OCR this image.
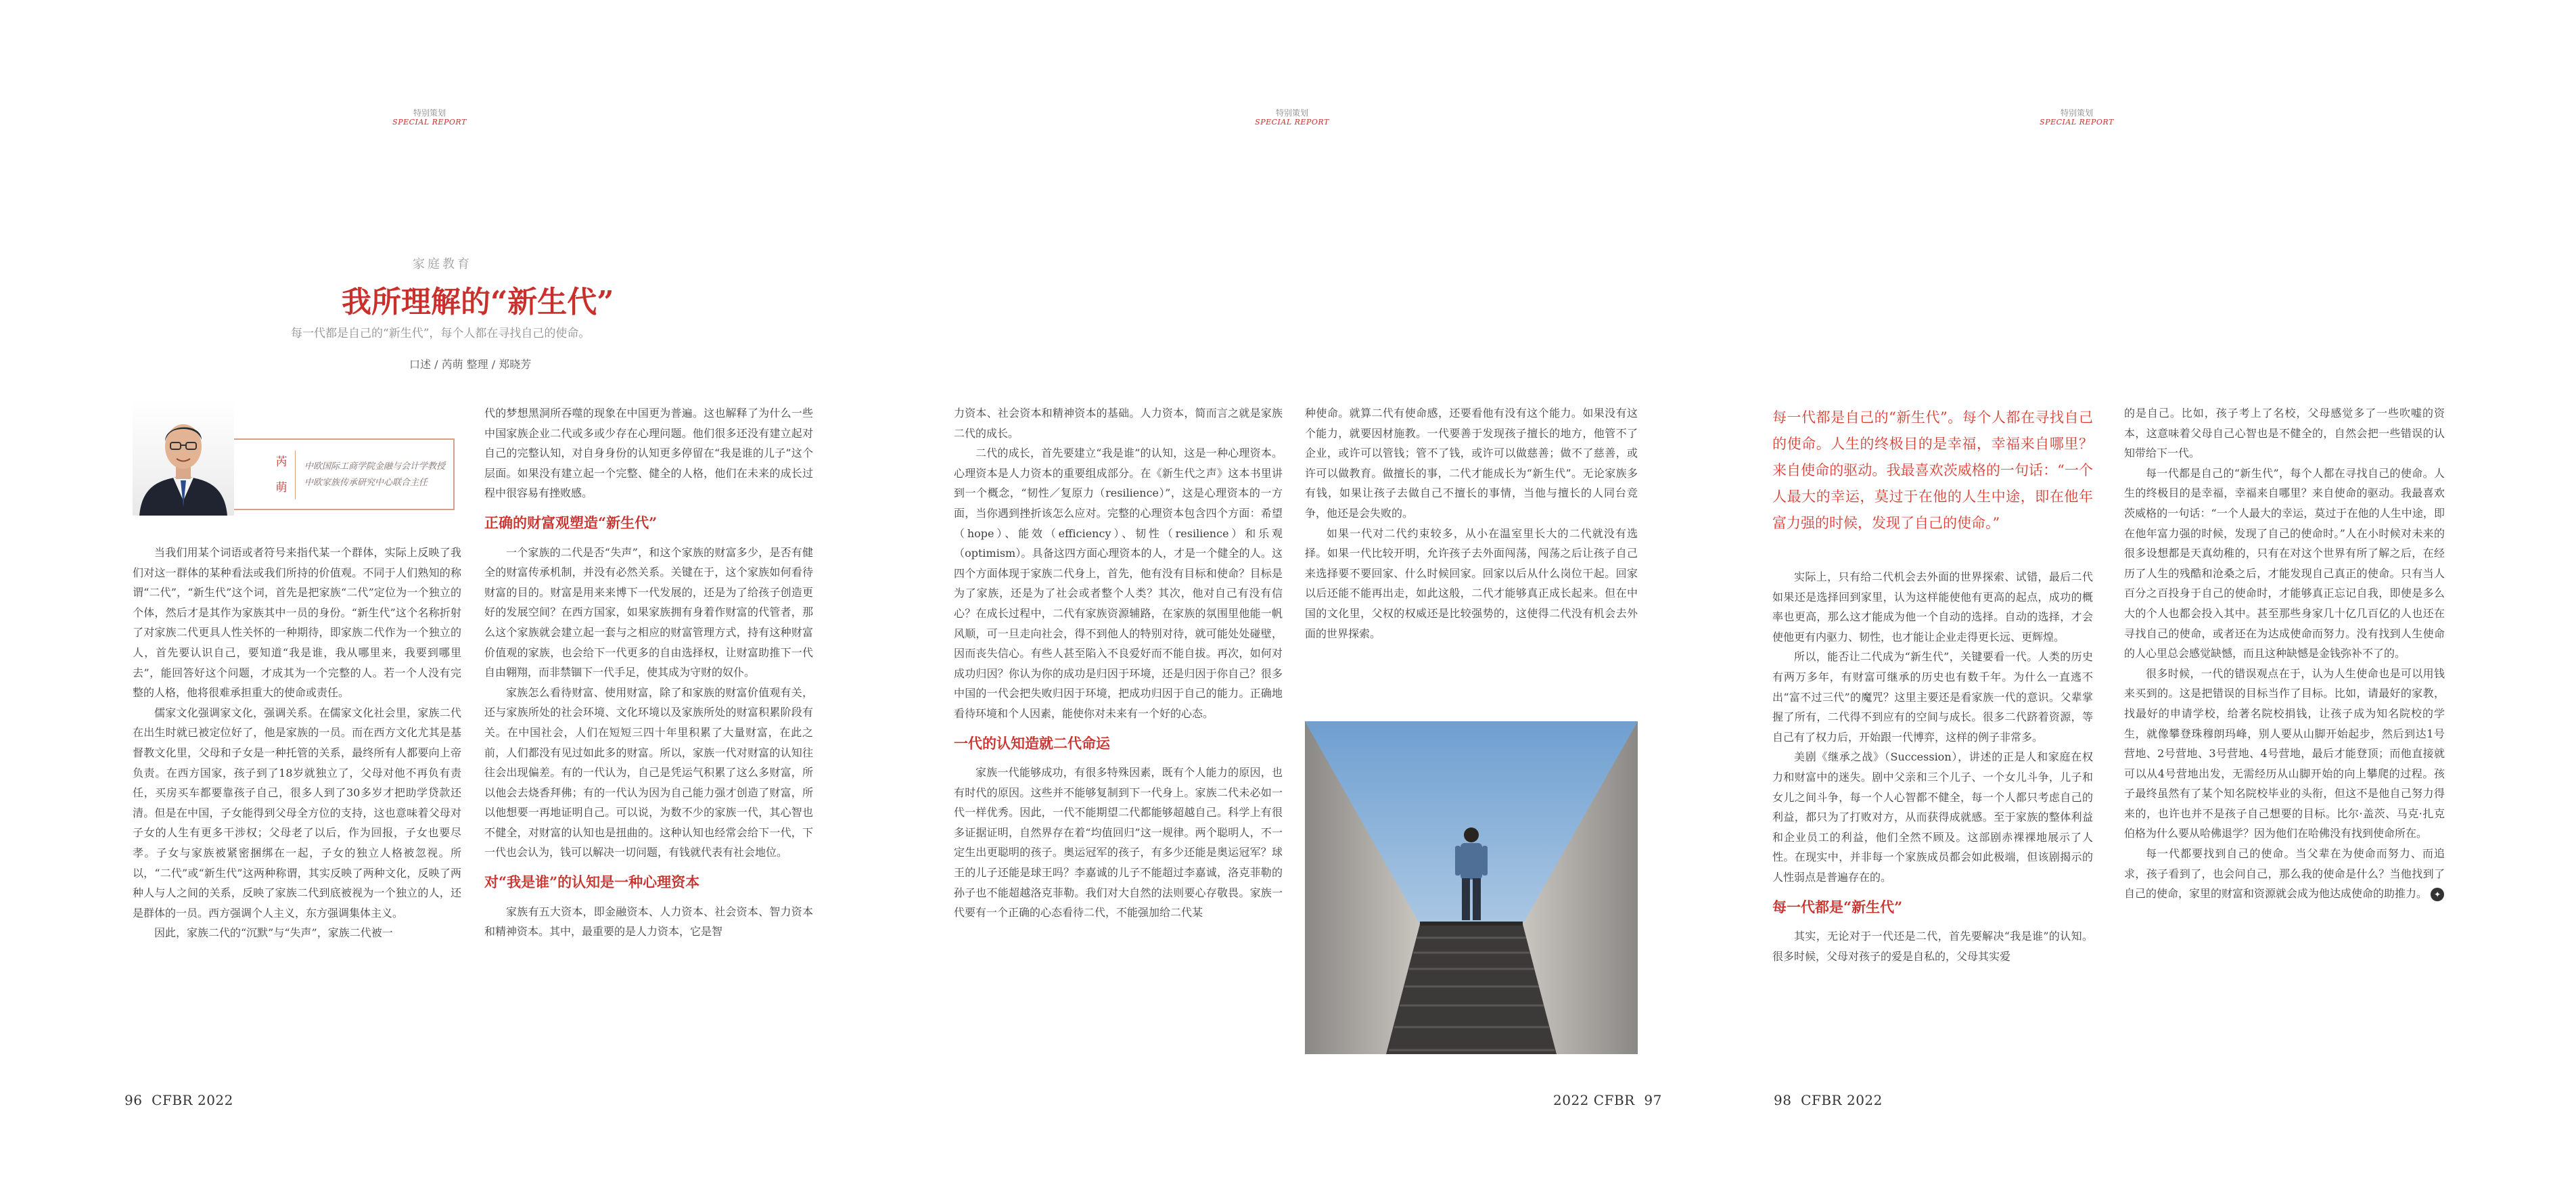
特别策划
SPECIAL REPORT
家庭教育
我所理解的“新生代”
每一代都是自己的“新生代”，每个人都在寻找自己的使命。
口述 / 芮萌 整理 / 郑晓芳
芮
萌
中欧国际工商学院金融与会计学教授
中欧家族传承研究中心联合主任

当我们用某个词语或者符号来指代某一个群体，实际上反映了我们对这一群体的某种看法或我们所持的价值观。不同于人们熟知的称谓“二代”，“新生代”这个词，首先是把家族“二代”定位为一个独立的个体，然后才是其作为家族其中一员的身份。“新生代”这个名称折射了对家族二代更具人性关怀的一种期待，即家族二代作为一个独立的人，首先要认识自己，要知道“我是谁，我从哪里来，我要到哪里去”，能回答好这个问题，才成其为一个完整的人。若一个人没有完整的人格，他将很难承担重大的使命或责任。

儒家文化强调家文化，强调关系。在儒家文化社会里，家族二代在出生时就已被定位好了，他是家族的一员。而在西方文化尤其是基督教文化里，父母和子女是一种托管的关系，最终所有人都要向上帝负责。在西方国家，孩子到了18岁就独立了，父母对他不再负有责任，买房买车都要靠孩子自己，很多人到了30多岁才把助学贷款还清。但是在中国，子女能得到父母全方位的支持，这也意味着父母对子女的人生有更多干涉权；父母老了以后，作为回报，子女也要尽孝。子女与家族被紧密捆绑在一起，子女的独立人格被忽视。所以，“二代”或“新生代”这两种称谓，其实反映了两种文化，反映了两种人与人之间的关系，反映了家族二代到底被视为一个独立的人，还是群体的一员。西方强调个人主义，东方强调集体主义。

因此，家族二代的“沉默”与“失声”，家族二代被一

代的梦想黑洞所吞噬的现象在中国更为普遍。这也解释了为什么一些中国家族企业二代或多或少存在心理问题。他们很多还没有建立起对自己的完整认知，对自身身份的认知更多停留在“我是谁的儿子”这个层面。如果没有建立起一个完整、健全的人格，他们在未来的成长过程中很容易有挫败感。

正确的财富观塑造“新生代”

一个家族的二代是否“失声”，和这个家族的财富多少，是否有健全的财富传承机制，并没有必然关系。关键在于，这个家族如何看待财富的目的。财富是用来来博下一代发展的，还是为了给孩子创造更好的发展空间？在西方国家，如果家族拥有身着作财富的代管者，那么这个家族就会建立起一套与之相应的财富管理方式，持有这种财富价值观的家族，也会给下一代更多的自由选择权，让财富助推下一代自由翱翔，而非禁锢下一代手足，使其成为守财的奴仆。

家族怎么看待财富、使用财富，除了和家族的财富价值观有关，还与家族所处的社会环境、文化环境以及家族所处的财富积累阶段有关。在中国社会，人们在短短三四十年里积累了大量财富，在此之前，人们都没有见过如此多的财富。所以，家族一代对财富的认知往往会出现偏差。有的一代认为，自己是凭运气积累了这么多财富，所以他会去烧香拜佛；有的一代认为因为自己能力强才创造了财富，所以他想要一再地证明自己。可以说，为数不少的家族一代，其心智也不健全，对财富的认知也是扭曲的。这种认知也经常会给下一代，下一代也会认为，钱可以解决一切问题，有钱就代表有社会地位。

对“我是谁”的认知是一种心理资本

家族有五大资本，即金融资本、人力资本、社会资本、智力资本和精神资本。其中，最重要的是人力资本，它是智

96 CFBR 2022
特别策划
SPECIAL REPORT

力资本、社会资本和精神资本的基础。人力资本，简而言之就是家族二代的成长。

二代的成长，首先要建立“我是谁”的认知，这是一种心理资本。心理资本是人力资本的重要组成部分。在《新生代之声》这本书里讲到一个概念，“韧性／复原力（resilience）”，这是心理资本的一方面，当你遇到挫折该怎么应对。完整的心理资本包含四个方面：希望（hope）、能效（efficiency）、韧性（resilience）和乐观（optimism）。具备这四方面心理资本的人，才是一个健全的人。这四个方面体现于家族二代身上，首先，他有没有目标和使命？目标是为了家族，还是为了社会或者整个人类？其次，他对自己有没有信心？在成长过程中，二代有家族资源辅路，在家族的氛围里他能一帆风顺，可一旦走向社会，得不到他人的特别对待，就可能处处碰壁，因而丧失信心。有些人甚至陷入不良爱好而不能自拔。再次，如何对成功归因？你认为你的成功是归因于环境，还是归因于你自己？很多中国的一代会把失败归因于环境，把成功归因于自己的能力。正确地看待环境和个人因素，能使你对未来有一个好的心态。

一代的认知造就二代命运

家族一代能够成功，有很多特殊因素，既有个人能力的原因，也有时代的原因。这些并不能够复制到下一代身上。家族二代未必如一代一样优秀。因此，一代不能期望二代都能够超越自己。科学上有很多证据证明，自然界存在着“均值回归”这一规律。两个聪明人，不一定生出更聪明的孩子。奥运冠军的孩子，有多少还能是奥运冠军？球王的儿子还能是球王吗？李嘉诚的儿子不能超过李嘉诚，洛克菲勒的孙子也不能超越洛克菲勒。我们对大自然的法则要心存敬畏。家族一代要有一个正确的心态看待二代，不能强加给二代某

种使命。就算二代有使命感，还要看他有没有这个能力。如果没有这个能力，就要因材施教。一代要善于发现孩子擅长的地方，他管不了企业，或许可以管钱；管不了钱，或许可以做慈善；做不了慈善，或许可以做教育。做擅长的事，二代才能成长为“新生代”。无论家族多有钱，如果让孩子去做自己不擅长的事情，当他与擅长的人同台竞争，他还是会失败的。

如果一代对二代约束较多，从小在温室里长大的二代就没有选择。如果一代比较开明，允许孩子去外面闯荡，闯荡之后让孩子自己来选择要不要回家、什么时候回家。回家以后从什么岗位干起。回家以后还能不能再出走，如此这般，二代才能够真正成长起来。但在中国的文化里，父权的权威还是比较强势的，这使得二代没有机会去外面的世界探索。

2022 CFBR 97
特别策划
SPECIAL REPORT

实际上，只有给二代机会去外面的世界探索、试错，最后二代如果还是选择回到家里，认为这样能使他有更高的起点，成功的概率也更高，那么这才能成为他一个自动的选择。自动的选择，才会使他更有内驱力、韧性，也才能让企业走得更长远、更辉煌。

所以，能否让二代成为“新生代”，关键要看一代。人类的历史有两万多年，有财富可继承的历史也有数千年。为什么一直逃不出“富不过三代”的魔咒？这里主要还是看家族一代的意识。父辈掌握了所有，二代得不到应有的空间与成长。很多二代跻着资源，等自己有了权力后，开始跟一代博弈，这样的例子非常多。

美剧《继承之战》（Succession），讲述的正是人和家庭在权力和财富中的迷失。剧中父亲和三个儿子、一个女儿斗争，儿子和女儿之间斗争，每一个人心智都不健全，每一个人都只考虑自己的利益，都只为了打败对方，从而获得成就感。至于家族的整体利益和企业员工的利益，他们全然不顾及。这部剧赤裸裸地展示了人性。在现实中，并非每一个家族成员都会如此极端，但该剧揭示的人性弱点是普遍存在的。

每一代都是“新生代”

其实，无论对于一代还是二代，首先要解决“我是谁”的认知。很多时候，父母对孩子的爱是自私的，父母其实爱

的是自己。比如，孩子考上了名校，父母感觉多了一些吹嘘的资本，这意味着父母自己心智也是不健全的，自然会把一些错误的认知带给下一代。

每一代都是自己的“新生代”，每个人都在寻找自己的使命。人生的终极目的是幸福，幸福来自哪里？来自使命的驱动。我最喜欢茨威格的一句话：“一个人最大的幸运，莫过于在他的人生中途，即在他年富力强的时候，发现了自己的使命时。”人在小时候对未来的很多设想都是天真幼稚的，只有在对这个世界有所了解之后，在经历了人生的残酷和沧桑之后，才能发现自己真正的使命。只有当人百分之百投身于自己的使命时，才能够真正忘记自我，即使是多么大的个人也都会投入其中。甚至那些身家几十亿几百亿的人也还在寻找自己的使命，或者还在为达成使命而努力。没有找到人生使命的人心里总会感觉缺憾，而且这种缺憾是金钱弥补不了的。

很多时候，一代的错误观点在于，认为人生使命也是可以用钱来买到的。这是把错误的目标当作了目标。比如，请最好的家教，找最好的申请学校，给著名院校捐钱，让孩子成为知名院校的学生，就像攀登珠穆朗玛峰，别人要从山脚开始起步，然后到达1号营地、2号营地、3号营地、4号营地，最后才能登顶；而他直接就可以从4号营地出发，无需经历从山脚开始的向上攀爬的过程。孩子最终虽然有了某个知名院校毕业的头衔，但这不是他自己努力得来的，也许也并不是孩子自己想要的目标。比尔·盖茨、马克·扎克伯格为什么要从哈佛退学？因为他们在哈佛没有找到使命所在。

每一代都要找到自己的使命。当父辈在为使命而努力、而追求，孩子看到了，也会问自己，那么我的使命是什么？当他找到了自己的使命，家里的财富和资源就会成为他达成使命的助推力。 ✦

98 CFBR 2022
每一代都是自己的“新生代”。每个人都在寻找自己的使命。人生的终极目的是幸福，幸福来自哪里？来自使命的驱动。我最喜欢茨威格的一句话：“一个人最大的幸运，莫过于在他的人生中途，即在他年富力强的时候，发现了自己的使命。”
